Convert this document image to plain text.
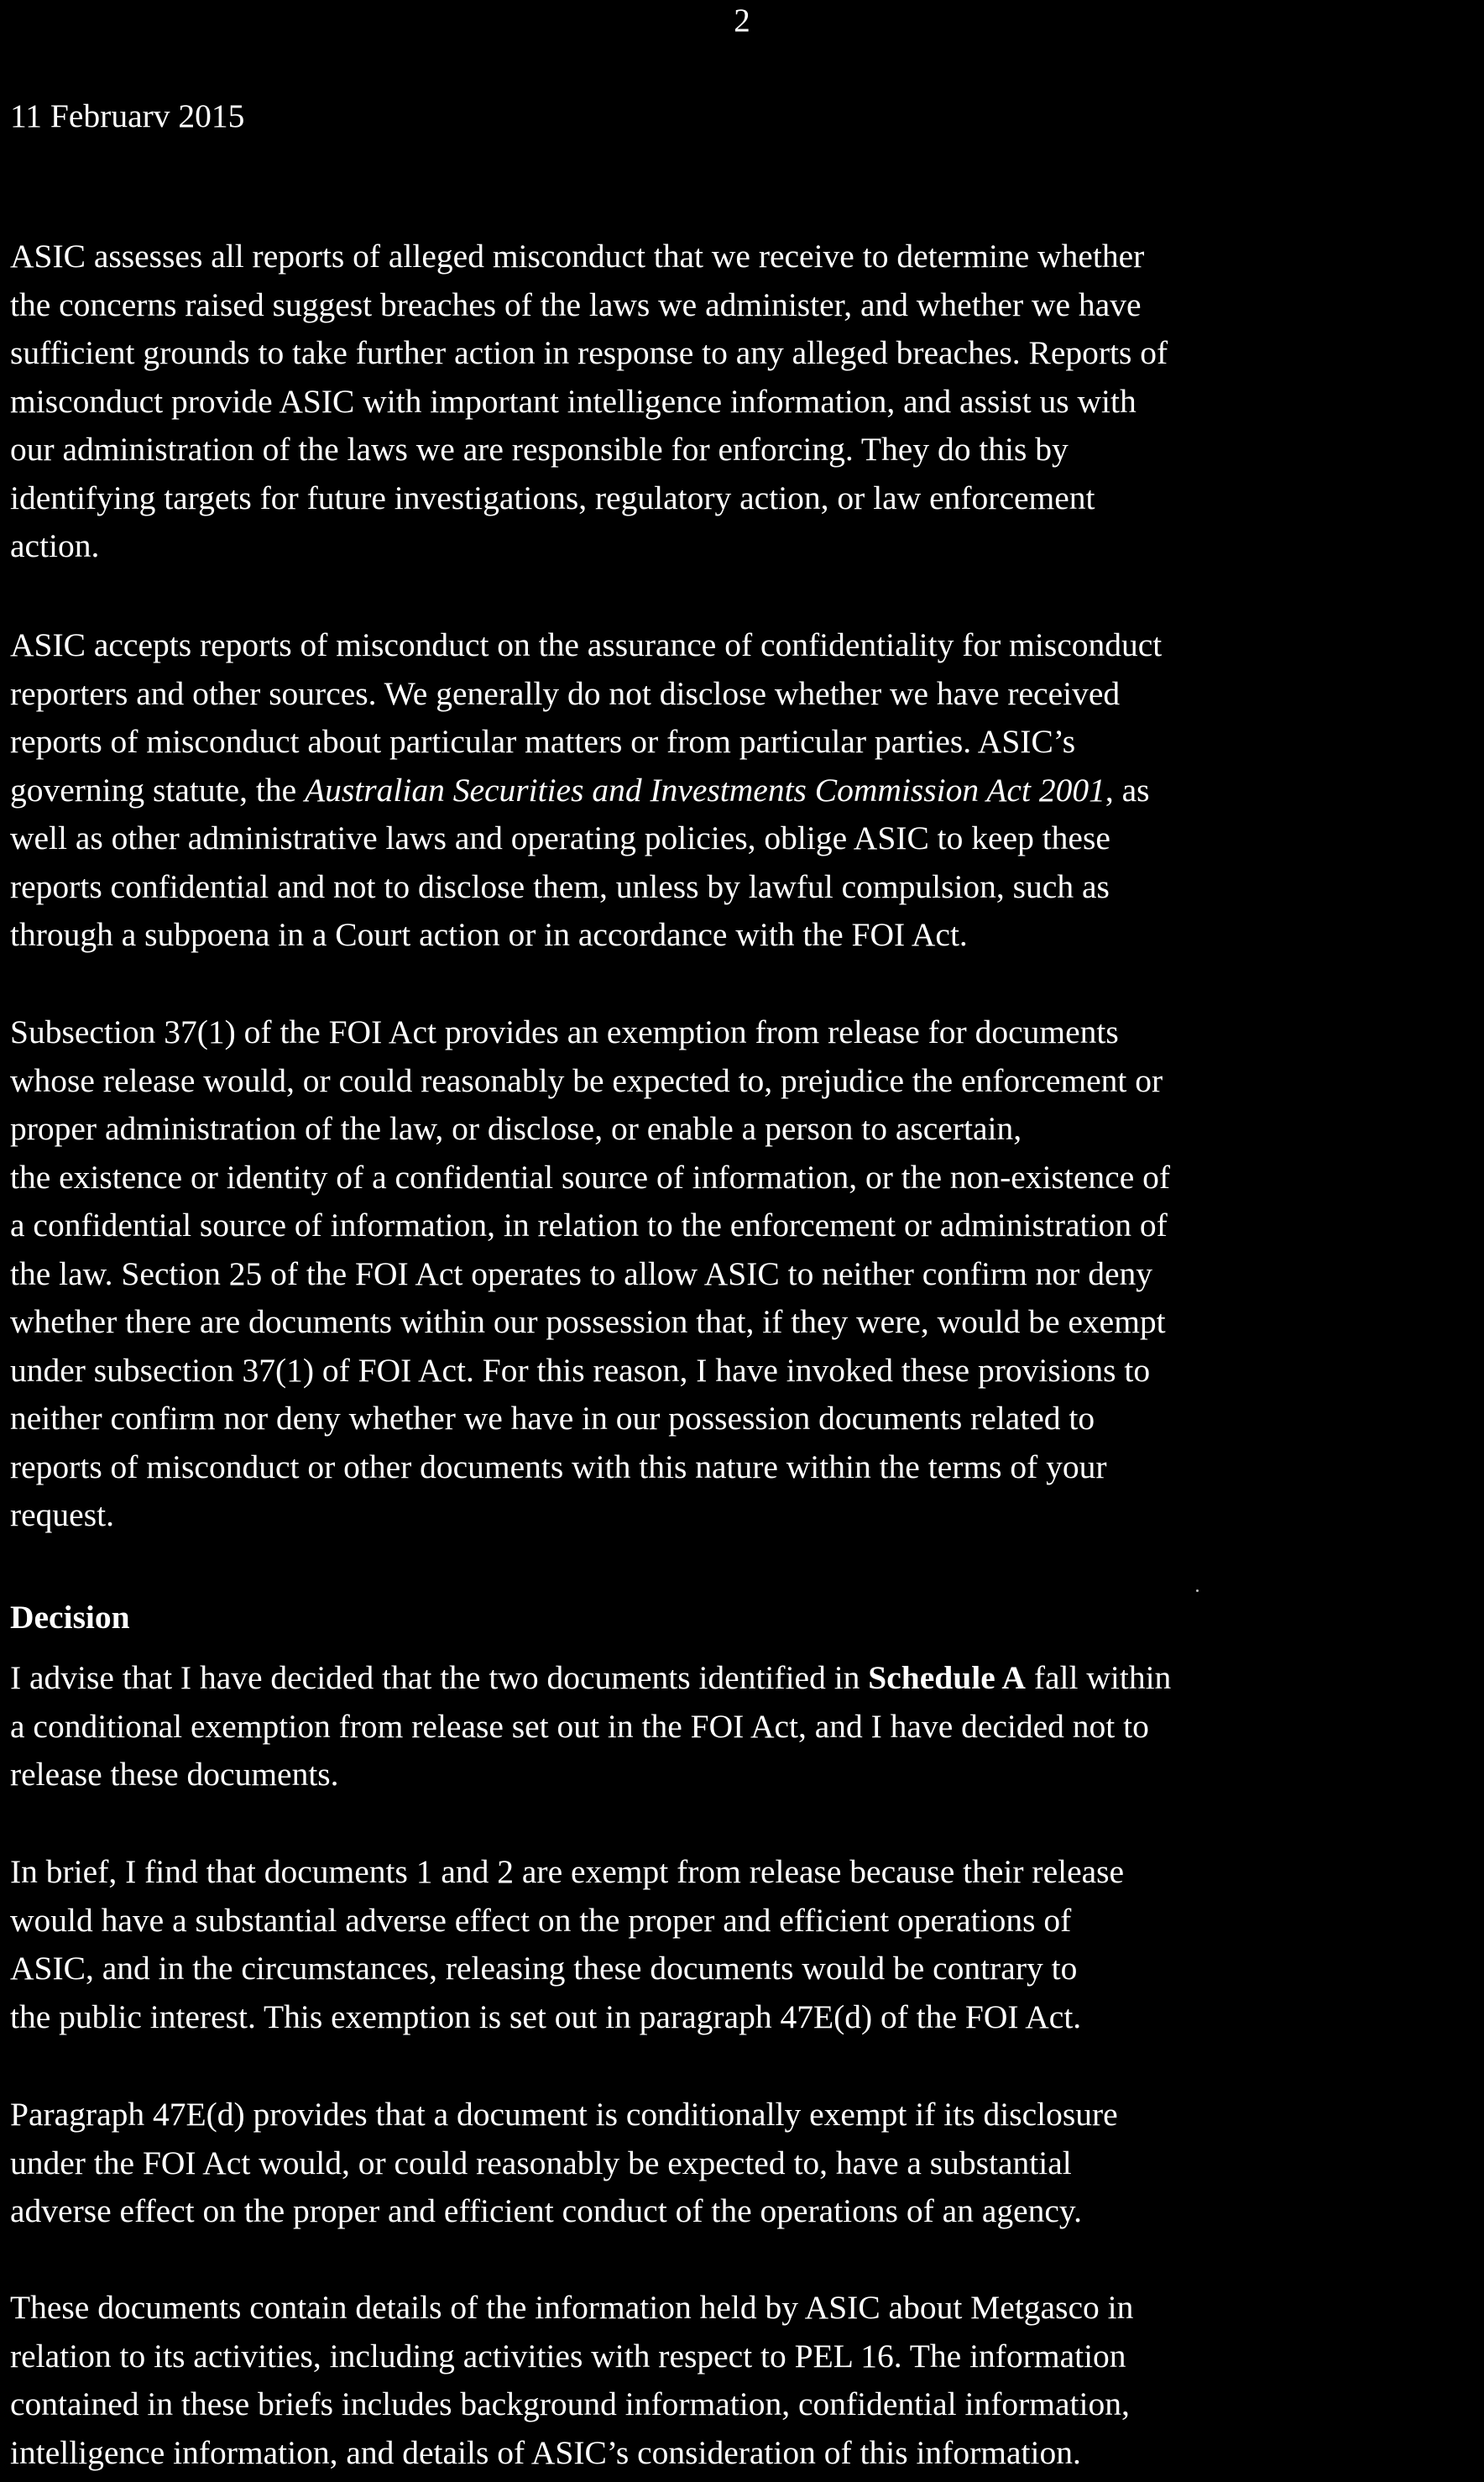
2
11 Februarv 2015

ASIC assesses all reports of alleged misconduct that we receive to determine whether
the concerns raised suggest breaches of the laws we administer, and whether we have
sufficient grounds to take further action in response to any alleged breaches. Reports of
misconduct provide ASIC with important intelligence information, and assist us with
our administration of the laws we are responsible for enforcing. They do this by
identifying targets for future investigations, regulatory action, or law enforcement
action.

ASIC accepts reports of misconduct on the assurance of confidentiality for misconduct
reporters and other sources. We generally do not disclose whether we have received
reports of misconduct about particular matters or from particular parties. ASIC’s
governing statute, the Australian Securities and Investments Commission Act 2001, as
well as other administrative laws and operating policies, oblige ASIC to keep these
reports confidential and not to disclose them, unless by lawful compulsion, such as
through a subpoena in a Court action or in accordance with the FOI Act.

Subsection 37(1) of the FOI Act provides an exemption from release for documents
whose release would, or could reasonably be expected to, prejudice the enforcement or
proper administration of the law, or disclose, or enable a person to ascertain,
the existence or identity of a confidential source of information, or the non-existence of
a confidential source of information, in relation to the enforcement or administration of
the law. Section 25 of the FOI Act operates to allow ASIC to neither confirm nor deny
whether there are documents within our possession that, if they were, would be exempt
under subsection 37(1) of FOI Act. For this reason, I have invoked these provisions to
neither confirm nor deny whether we have in our possession documents related to
reports of misconduct or other documents with this nature within the terms of your
request.

Decision

I advise that I have decided that the two documents identified in Schedule A fall within
a conditional exemption from release set out in the FOI Act, and I have decided not to
release these documents.

In brief, I find that documents 1 and 2 are exempt from release because their release
would have a substantial adverse effect on the proper and efficient operations of
ASIC, and in the circumstances, releasing these documents would be contrary to
the public interest. This exemption is set out in paragraph 47E(d) of the FOI Act.

Paragraph 47E(d) provides that a document is conditionally exempt if its disclosure
under the FOI Act would, or could reasonably be expected to, have a substantial
adverse effect on the proper and efficient conduct of the operations of an agency.

These documents contain details of the information held by ASIC about Metgasco in
relation to its activities, including activities with respect to PEL 16. The information
contained in these briefs includes background information, confidential information,
intelligence information, and details of ASIC’s consideration of this information.
